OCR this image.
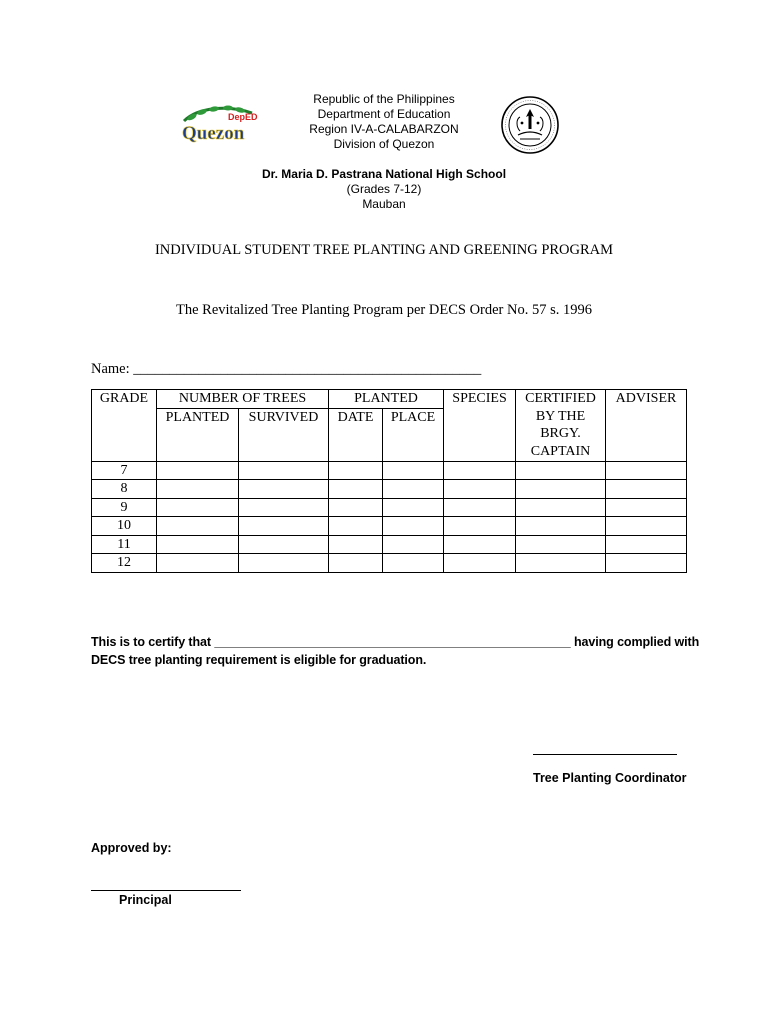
DepED
Quezon
Republic of the Philippines
Department of Education
Region IV-A-CALABARZON
Division of Quezon
Dr. Maria D. Pastrana National High School
(Grades 7-12)
Mauban
INDIVIDUAL STUDENT TREE PLANTING AND GREENING PROGRAM
The Revitalized Tree Planting Program per DECS Order No. 57 s. 1996
Name: ________________________________________________
GRADE	NUMBER OF TREES		PLANTED		SPECIES	CERTIFIED BY THE BRGY. CAPTAIN	ADVISER
	PLANTED	SURVIVED	DATE	PLACE			
7							
8							
9							
10							
11							
12							
This is to certify that ____________________________________________________ having complied with
DECS tree planting requirement is eligible for graduation.
Tree Planting Coordinator
Approved by:
Principal
